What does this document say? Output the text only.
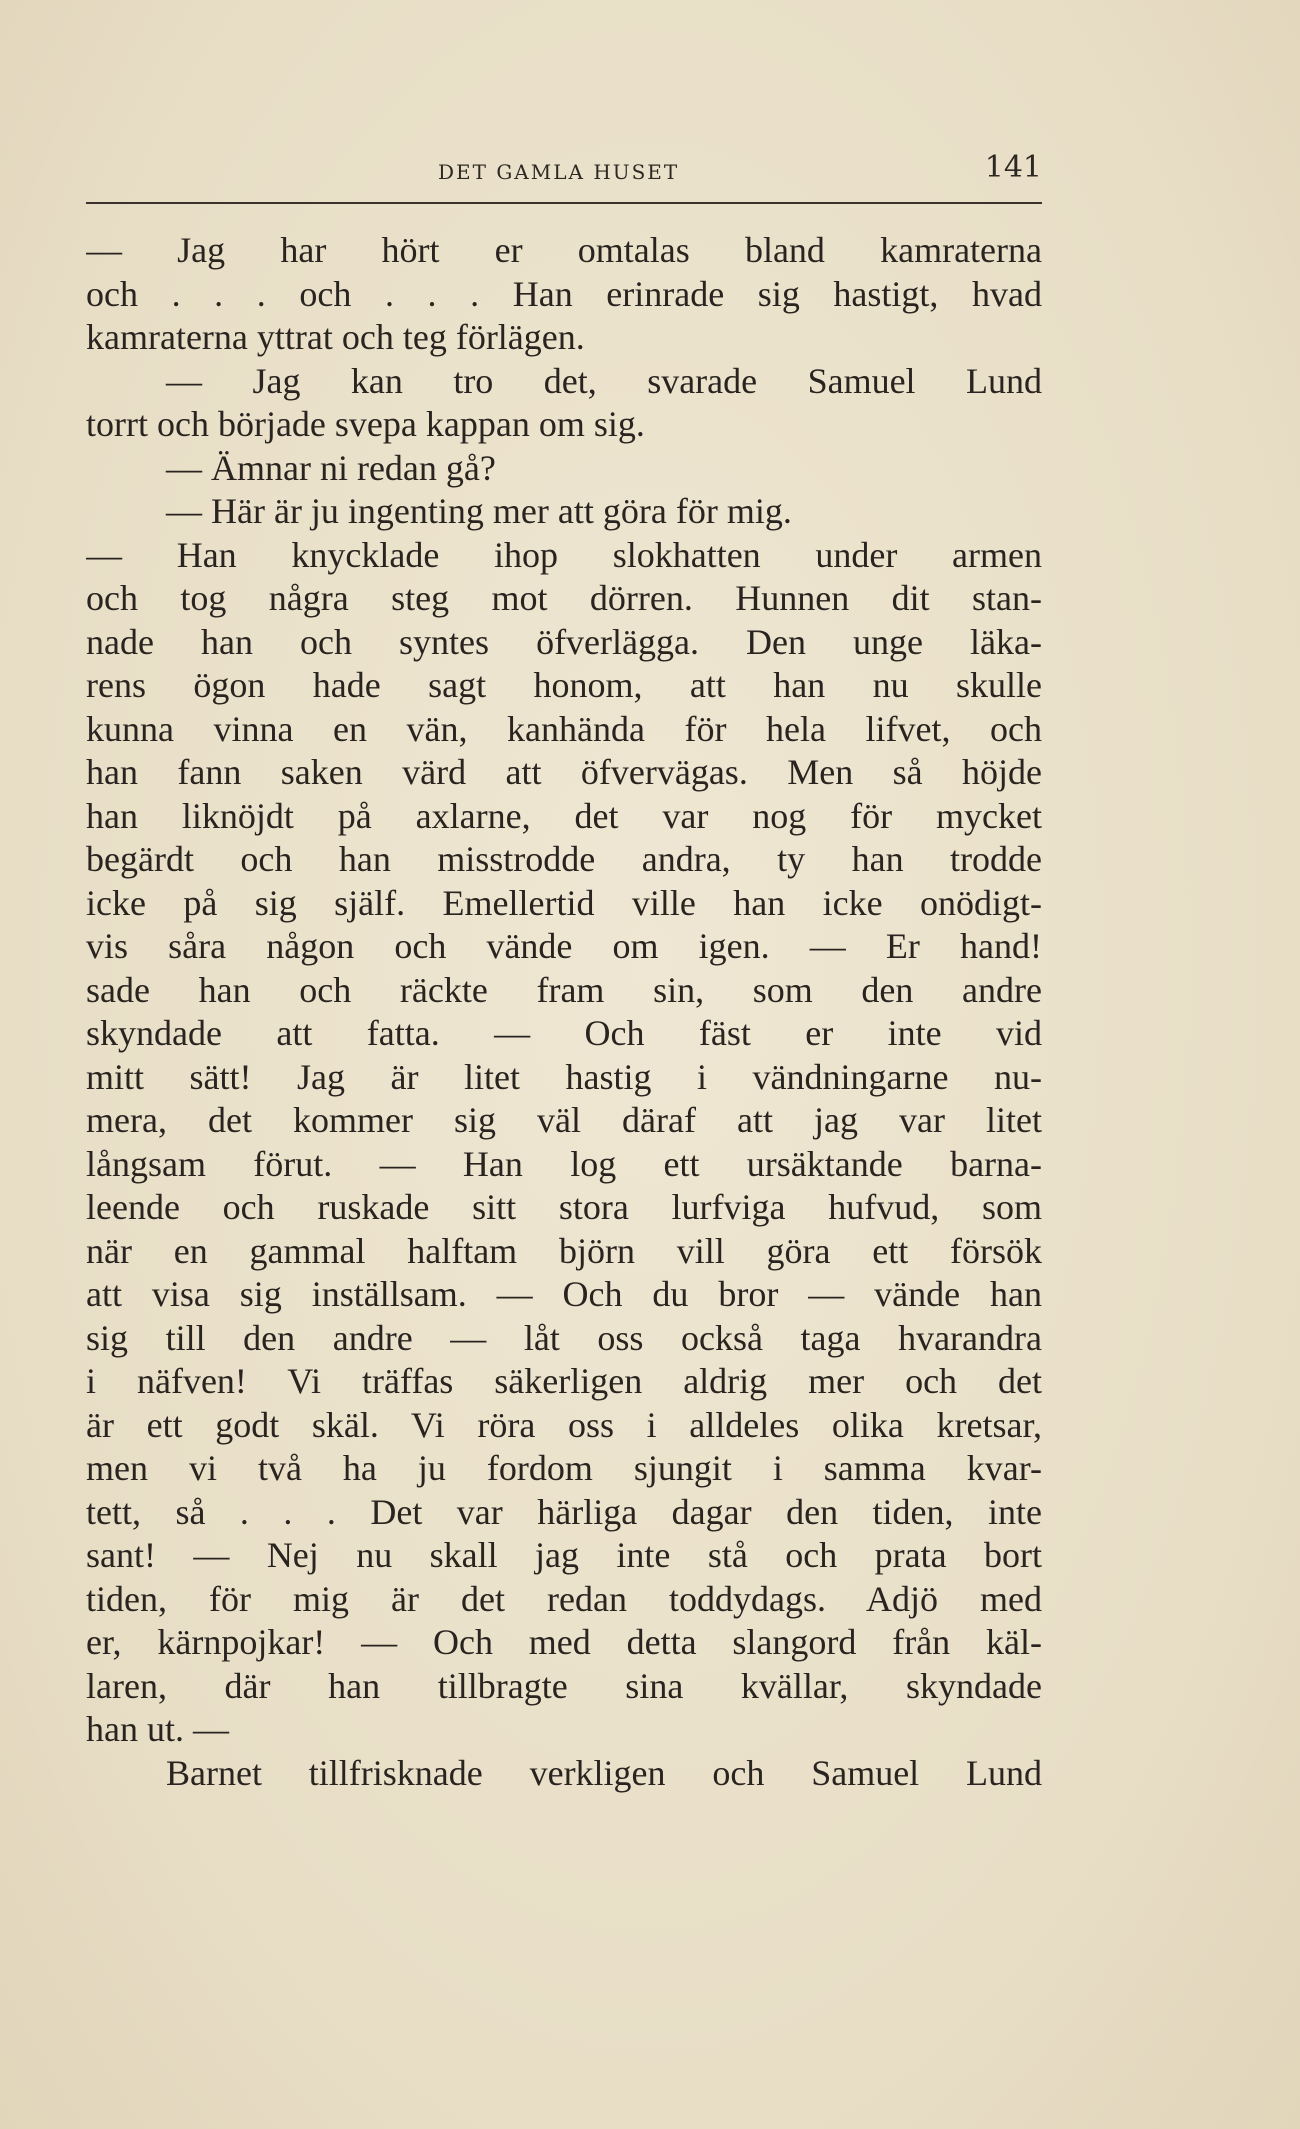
DET GAMLA HUSET	141
— Jag har hört er omtalas bland kamraterna
och . . . och . . . Han erinrade sig hastigt, hvad
kamraterna yttrat och teg förlägen.
— Jag kan tro det, svarade Samuel Lund
torrt och började svepa kappan om sig.
— Ämnar ni redan gå?
— Här är ju ingenting mer att göra för mig.
— Han knycklade ihop slokhatten under armen
och tog några steg mot dörren. Hunnen dit stan-
nade han och syntes öfverlägga. Den unge läka-
rens ögon hade sagt honom, att han nu skulle
kunna vinna en vän, kanhända för hela lifvet, och
han fann saken värd att öfvervägas. Men så höjde
han liknöjdt på axlarne, det var nog för mycket
begärdt och han misstrodde andra, ty han trodde
icke på sig själf. Emellertid ville han icke onödigt-
vis såra någon och vände om igen. — Er hand!
sade han och räckte fram sin, som den andre
skyndade att fatta. — Och fäst er inte vid
mitt sätt! Jag är litet hastig i vändningarne nu-
mera, det kommer sig väl däraf att jag var litet
långsam förut. — Han log ett ursäktande barna-
leende och ruskade sitt stora lurfviga hufvud, som
när en gammal halftam björn vill göra ett försök
att visa sig inställsam. — Och du bror — vände han
sig till den andre — låt oss också taga hvarandra
i näfven! Vi träffas säkerligen aldrig mer och det
är ett godt skäl. Vi röra oss i alldeles olika kretsar,
men vi två ha ju fordom sjungit i samma kvar-
tett, så . . . Det var härliga dagar den tiden, inte
sant! — Nej nu skall jag inte stå och prata bort
tiden, för mig är det redan toddydags. Adjö med
er, kärnpojkar! — Och med detta slangord från käl-
laren, där han tillbragte sina kvällar, skyndade
han ut. —
Barnet tillfrisknade verkligen och Samuel Lund
